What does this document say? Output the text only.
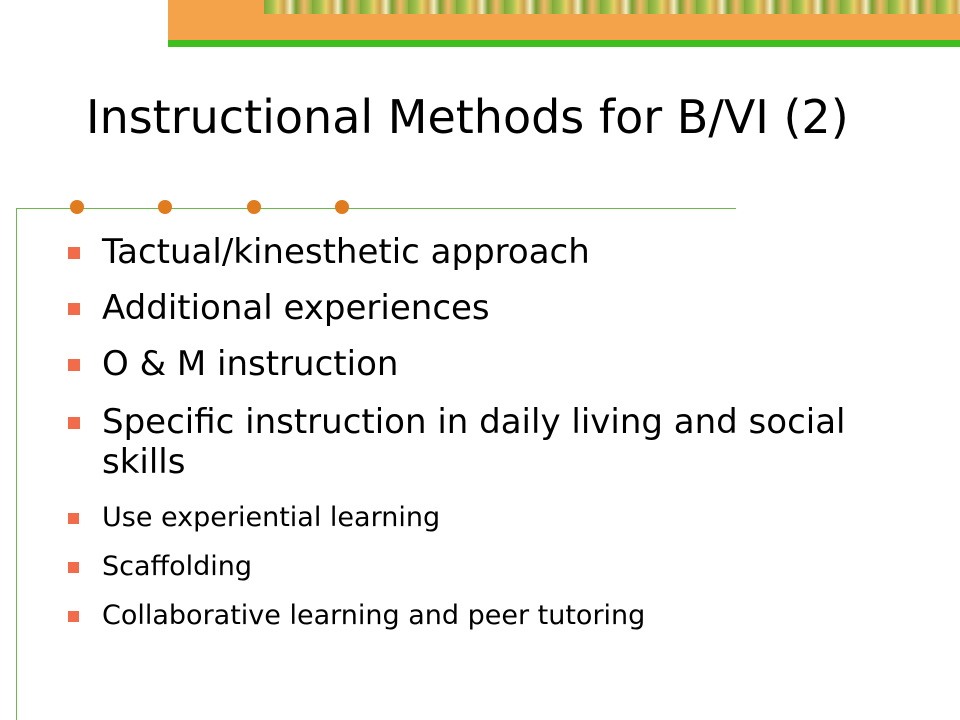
Instructional Methods for B/VI (2)
Tactual/kinesthetic approach
Additional experiences
O & M instruction
Specific instruction in daily living and social skills
Use experiential learning
Scaffolding
Collaborative learning and peer tutoring
